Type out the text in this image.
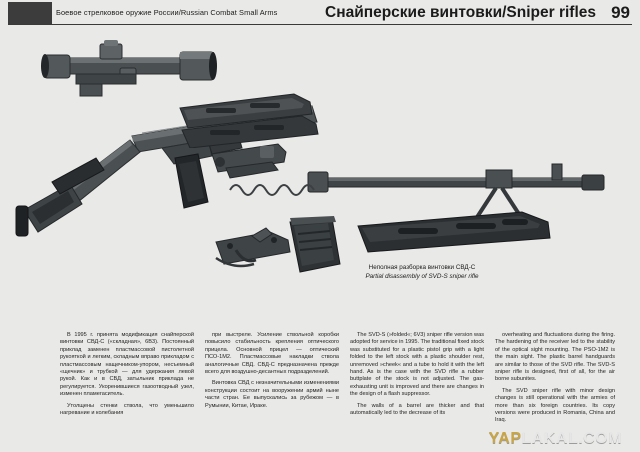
Боевое стрелковое оружие России/Russian Combat Small Arms	Снайперские винтовки/Sniper rifles 99
Неполная разборка винтовки СВД-С
Partial disassembly of SVD-S sniper rifle

В 1995 г. принята модификация снайперской винтовки СВД-С («складная», 6В3). Постоянный приклад заменен пластмассовой пистолетной рукояткой и легким, складным вправо прикладом с пластмассовым нащечником-упором, несъемный «щечник» и трубкой — для удержания левой рукой. Как и в СВД, затыльник приклада не регулируется. Укоренившиеся газоотводный узел, изменен пламегаситель.

Утолщены стенки ствола, что уменьшило нагревание и колебания

при выстреле. Усиление ствольной коробки повысило стабильность крепления оптического прицела. Основной прицел — оптический ПСО-1М2. Пластмассовые накладки ствола аналогичные СВД. СВД-С предназначена прежде всего для воздушно-десантных подразделений.

Винтовка СВД с незначительными изменениями конструкции состоит на вооружении армий ныне части стран. Ее выпускались за рубежом — в Румынии, Китае, Ираке.

The SVD-S (»folded«; 6V3) sniper rifle version was adopted for service in 1995. The traditional fixed stock was substituted for a plastic pistol grip with a light folded to the left stock with a plastic shoulder rest, unremoved »cheek« and a tube to hold it with the left hand. As is the case with the SVD rifle a rubber buttplate of the stock is not adjusted. The gas-exhausting unit is improved and there are changes in the design of a flash suppressor.

The walls of a barrel are thicker and that automatically led to the decrease of its

overheating and fluctuations during the firing. The hardening of the receiver led to the stability of the optical sight mounting. The PSO-1M2 is the main sight. The plastic barrel handguards are similar to those of the SVD rifle. The SVD-S sniper rifle is designed, first of all, for the air borne subunites.

The SVD sniper rifle with minor design changes is still operational with the armies of more than six foreign countries. Its copy versions were produced in Romania, China and Iraq.

YAPLAKAL.COM
